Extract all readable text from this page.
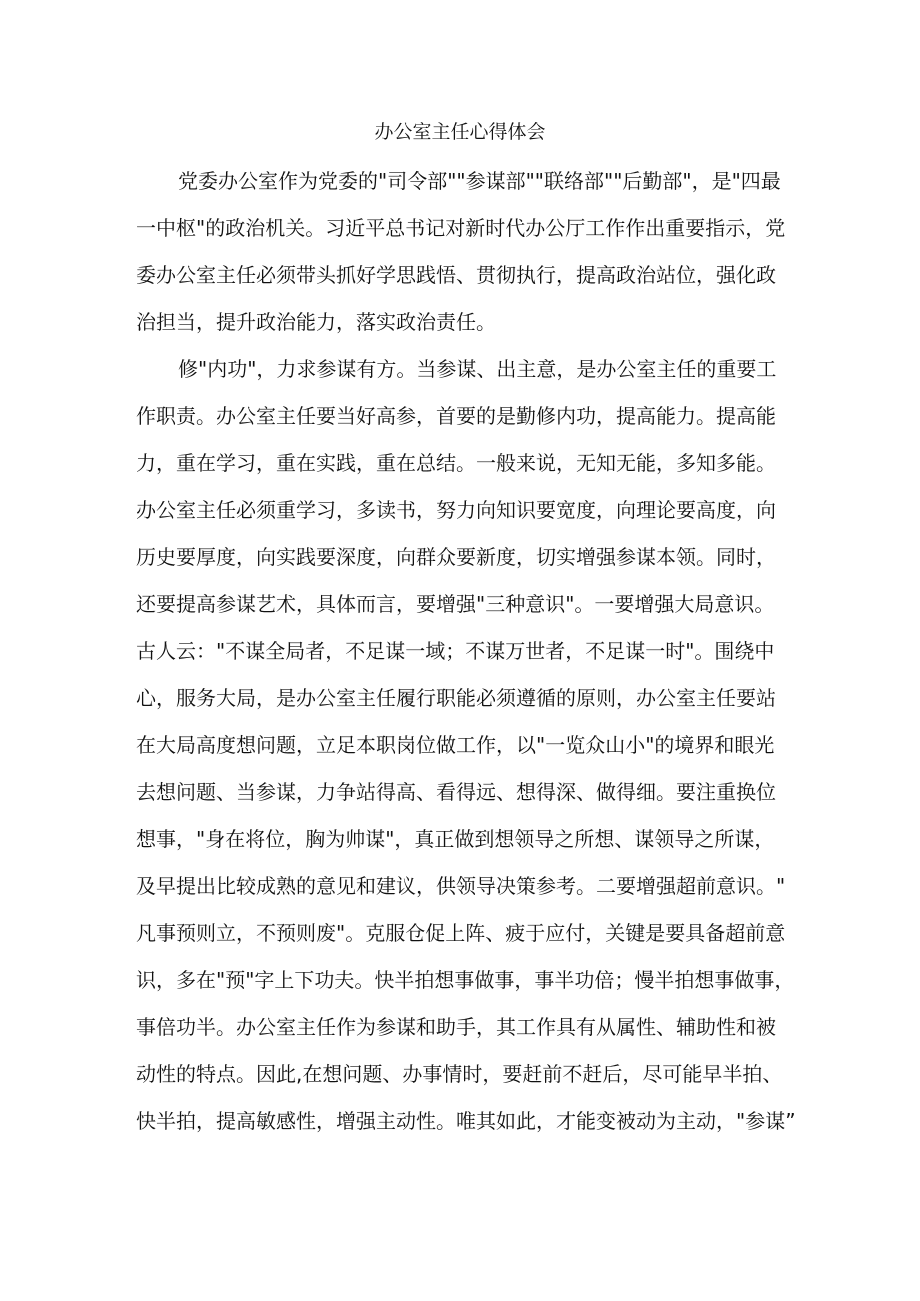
办公室主任心得体会
党委办公室作为党委的"司令部""参谋部""联络部""后勤部"，是"四最
一中枢"的政治机关。习近平总书记对新时代办公厅工作作出重要指示，党
委办公室主任必须带头抓好学思践悟、贯彻执行，提高政治站位，强化政
治担当，提升政治能力，落实政治责任。
修"内功"，力求参谋有方。当参谋、出主意，是办公室主任的重要工
作职责。办公室主任要当好高参，首要的是勤修内功，提高能力。提高能
力，重在学习，重在实践，重在总结。一般来说，无知无能，多知多能。
办公室主任必须重学习，多读书，努力向知识要宽度，向理论要高度，向
历史要厚度，向实践要深度，向群众要新度，切实增强参谋本领。同时，
还要提高参谋艺术，具体而言，要增强"三种意识"。一要增强大局意识。
古人云："不谋全局者，不足谋一域；不谋万世者，不足谋一时"。围绕中
心，服务大局，是办公室主任履行职能必须遵循的原则，办公室主任要站
在大局高度想问题，立足本职岗位做工作，以"一览众山小"的境界和眼光
去想问题、当参谋，力争站得高、看得远、想得深、做得细。要注重换位
想事，"身在将位，胸为帅谋"，真正做到想领导之所想、谋领导之所谋，
及早提出比较成熟的意见和建议，供领导决策参考。二要增强超前意识。"
凡事预则立，不预则废"。克服仓促上阵、疲于应付，关键是要具备超前意
识，多在"预"字上下功夫。快半拍想事做事，事半功倍；慢半拍想事做事，
事倍功半。办公室主任作为参谋和助手，其工作具有从属性、辅助性和被
动性的特点。因此,在想问题、办事情时，要赶前不赶后，尽可能早半拍、
快半拍，提高敏感性，增强主动性。唯其如此，才能变被动为主动，"参谋”
